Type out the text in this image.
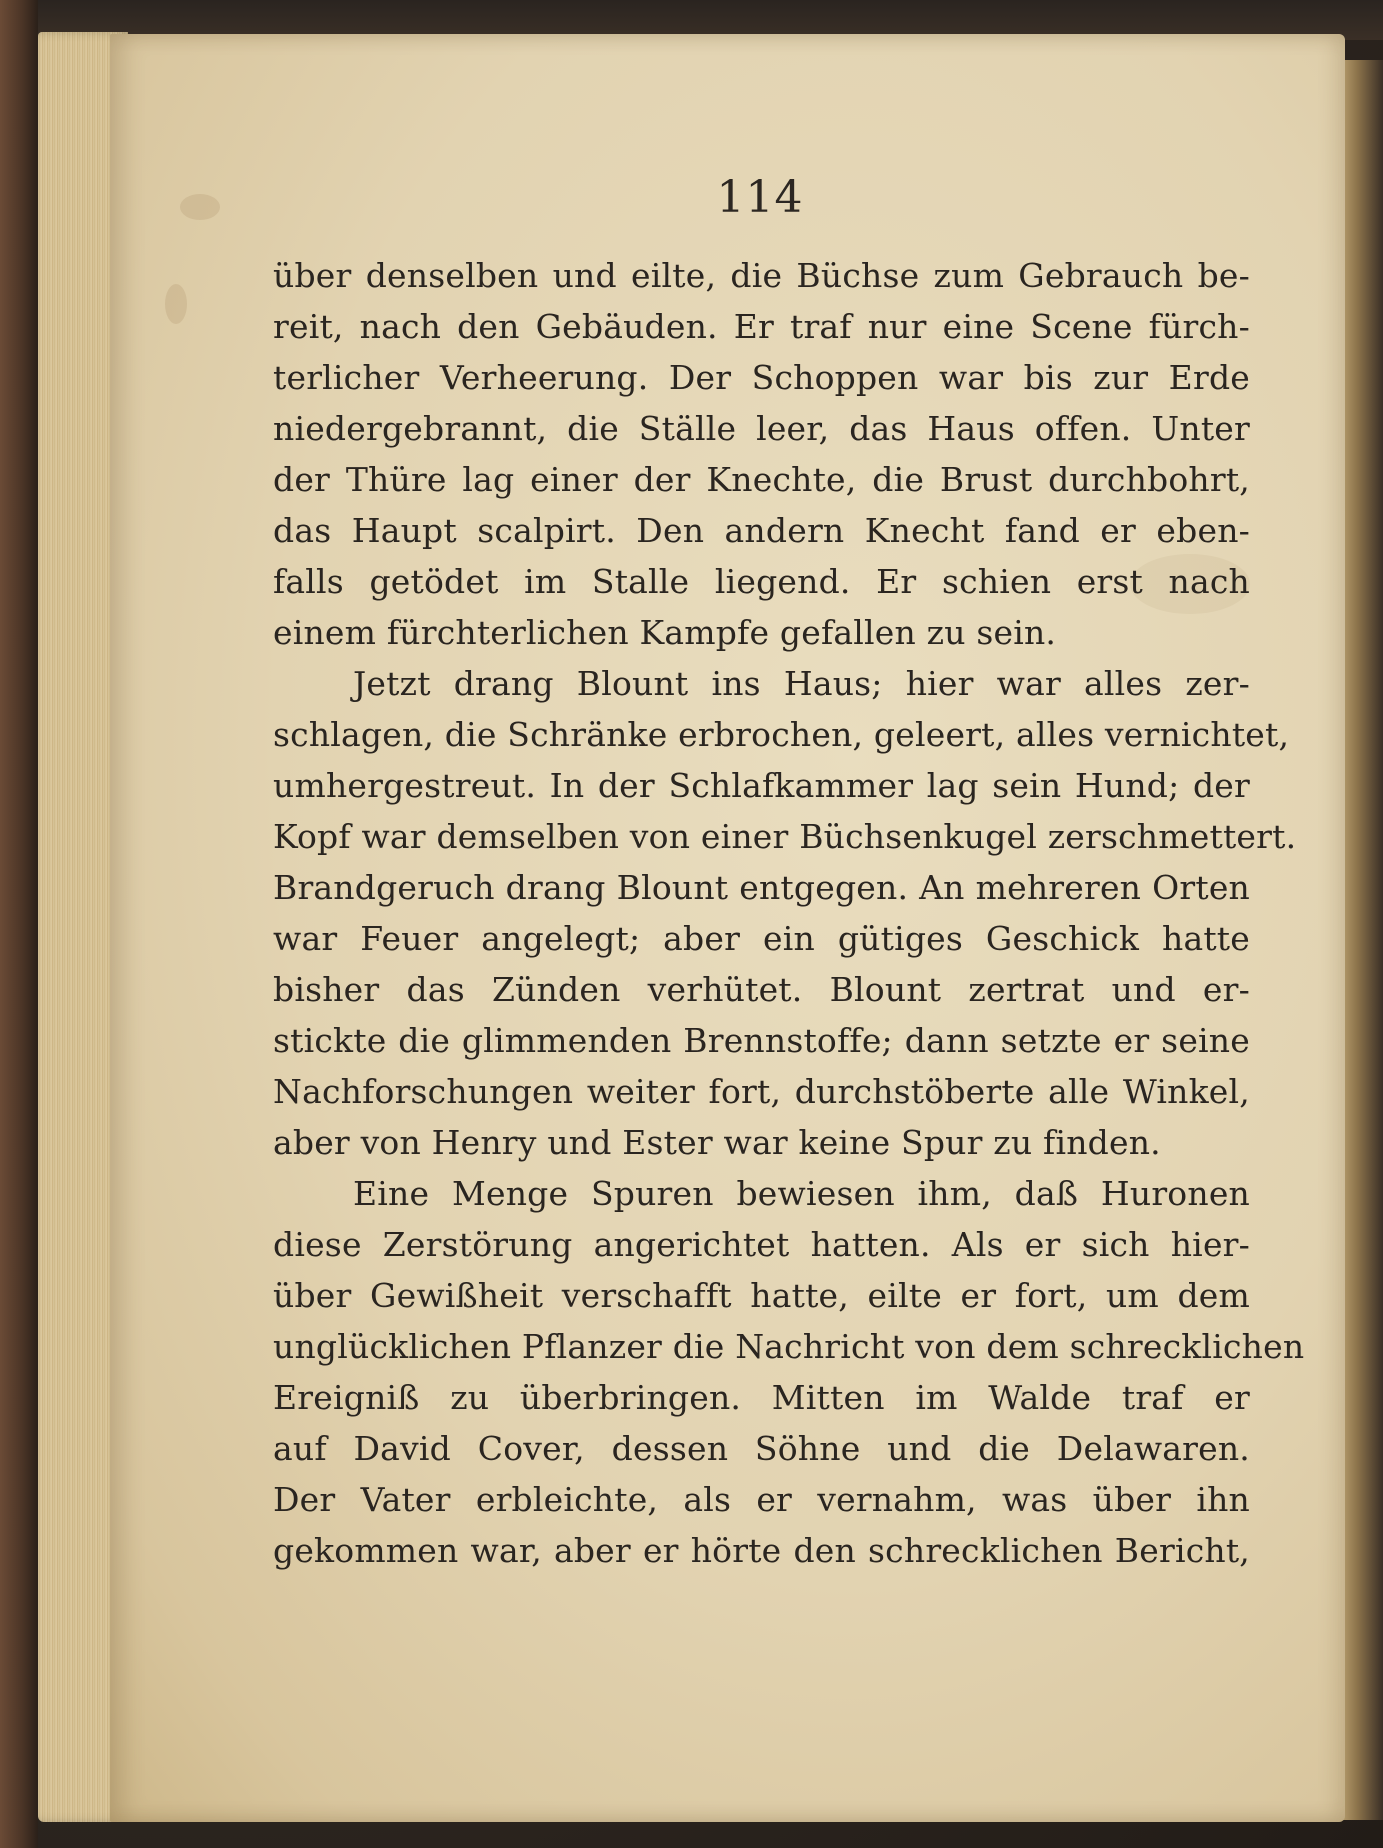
114
über denselben und eilte, die Büchse zum Gebrauch be-
reit, nach den Gebäuden. Er traf nur eine Scene fürch-
terlicher Verheerung. Der Schoppen war bis zur Erde
niedergebrannt, die Ställe leer, das Haus offen. Unter
der Thüre lag einer der Knechte, die Brust durchbohrt,
das Haupt scalpirt. Den andern Knecht fand er eben-
falls getödet im Stalle liegend. Er schien erst nach
einem fürchterlichen Kampfe gefallen zu sein.
Jetzt drang Blount ins Haus; hier war alles zer-
schlagen, die Schränke erbrochen, geleert, alles vernichtet,
umhergestreut. In der Schlafkammer lag sein Hund; der
Kopf war demselben von einer Büchsenkugel zerschmettert.
Brandgeruch drang Blount entgegen. An mehreren Orten
war Feuer angelegt; aber ein gütiges Geschick hatte
bisher das Zünden verhütet. Blount zertrat und er-
stickte die glimmenden Brennstoffe; dann setzte er seine
Nachforschungen weiter fort, durchstöberte alle Winkel,
aber von Henry und Ester war keine Spur zu finden.
Eine Menge Spuren bewiesen ihm, daß Huronen
diese Zerstörung angerichtet hatten. Als er sich hier-
über Gewißheit verschafft hatte, eilte er fort, um dem
unglücklichen Pflanzer die Nachricht von dem schrecklichen
Ereigniß zu überbringen. Mitten im Walde traf er
auf David Cover, dessen Söhne und die Delawaren.
Der Vater erbleichte, als er vernahm, was über ihn
gekommen war, aber er hörte den schrecklichen Bericht,
